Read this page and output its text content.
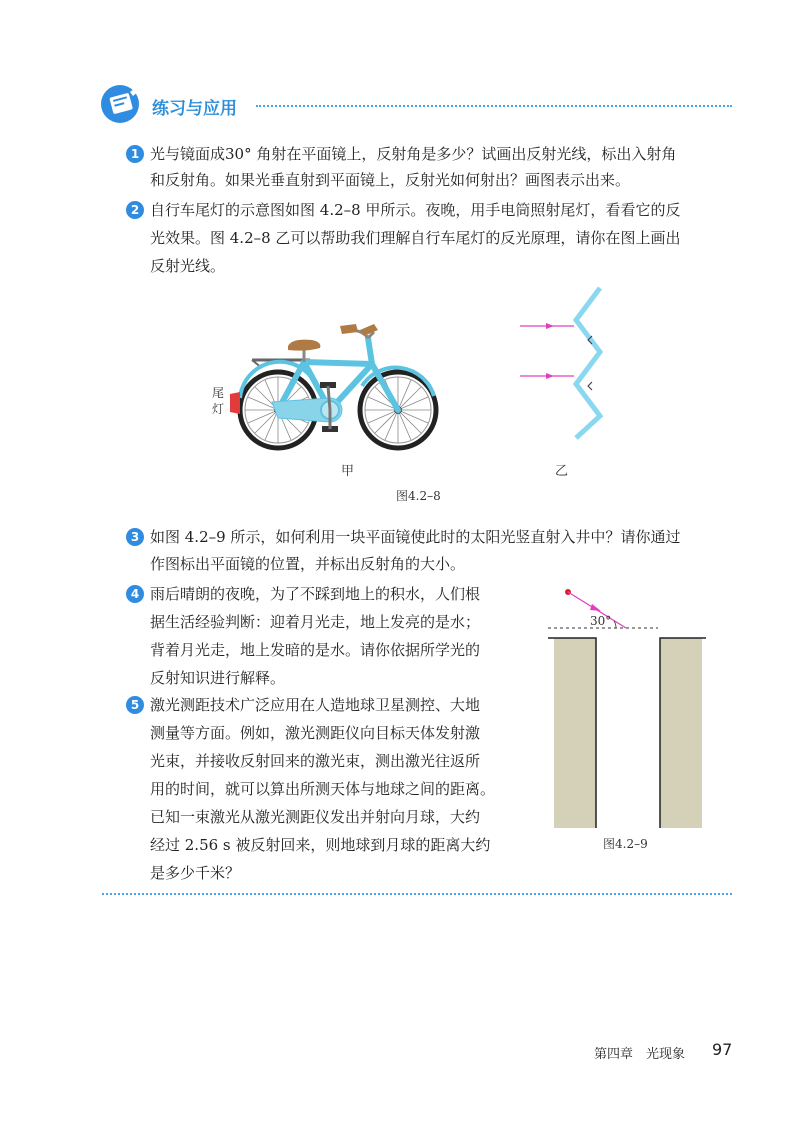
练习与应用
1 光与镜面成30° 角射在平面镜上，反射角是多少？试画出反射光线，标出入射角
和反射角。如果光垂直射到平面镜上，反射光如何射出？画图表示出来。
2 自行车尾灯的示意图如图 4.2–8 甲所示。夜晚，用手电筒照射尾灯，看看它的反
光效果。图 4.2–8 乙可以帮助我们理解自行车尾灯的反光原理，请你在图上画出
反射光线。
尾
灯
甲	乙
图4.2–8
3 如图 4.2–9 所示，如何利用一块平面镜使此时的太阳光竖直射入井中？请你通过
作图标出平面镜的位置，并标出反射角的大小。
4 雨后晴朗的夜晚，为了不踩到地上的积水，人们根
据生活经验判断：迎着月光走，地上发亮的是水；
背着月光走，地上发暗的是水。请你依据所学光的
反射知识进行解释。
5 激光测距技术广泛应用在人造地球卫星测控、大地
测量等方面。例如，激光测距仪向目标天体发射激
光束，并接收反射回来的激光束，测出激光往返所
用的时间，就可以算出所测天体与地球之间的距离。
已知一束激光从激光测距仪发出并射向月球，大约
经过 2.56 s 被反射回来，则地球到月球的距离大约
是多少千米？
30°
图4.2–9
第四章　光现象 97
